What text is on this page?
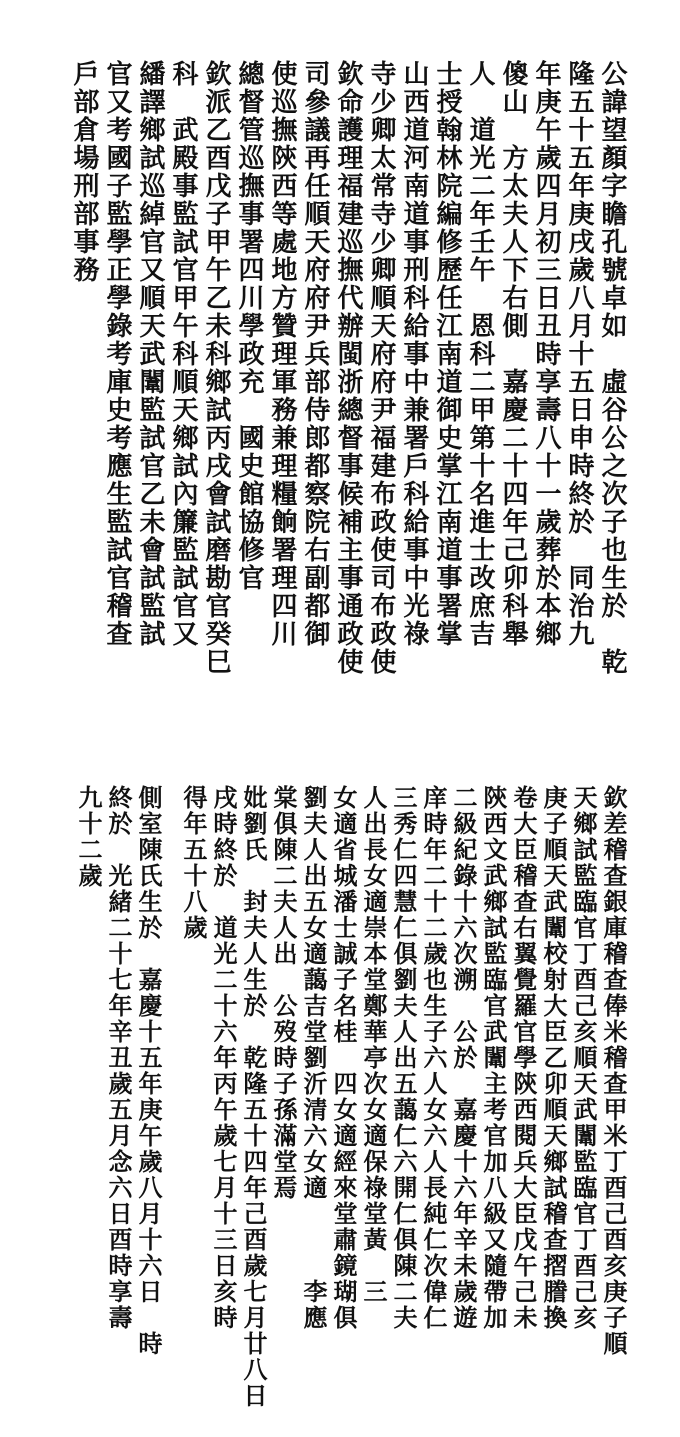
公諱望顏字瞻孔號卓如　虛谷公之次子也生於　乾
隆五十五年庚戌歲八月十五日申時終於　同治九
年庚午歲四月初三日丑時享壽八十一歲葬於本鄉
傻山　方太夫人下右側　嘉慶二十四年己卯科舉
人　道光二年壬午　恩科二甲第十名進士改庶吉
士授翰林院編修歷任江南道御史掌江南道事署掌
山西道河南道事刑科給事中兼署戶科給事中光祿
寺少卿太常寺少卿順天府府尹福建布政使司布政使
欽命護理福建巡撫代辦閩浙總督事候補主事通政使
司參議再任順天府府尹兵部侍郎都察院右副都御
使巡撫陝西等處地方贊理軍務兼理糧餉署理四川
總督管巡撫事署四川學政充　國史館協修官
欽派乙酉戊子甲午乙未科鄉試丙戌會試磨勘官癸巳
科　武殿事監試官甲午科順天鄉試內簾監試官又
繙譯鄉試巡綽官又順天武闈監試官乙未會試監試
官又考國子監學正學錄考庫史考應生監試官稽查
戶部倉場刑部事務
欽差稽查銀庫稽查俸米稽查甲米丁酉己酉亥庚子順
天鄉試監臨官丁酉己亥順天武闈監臨官丁酉己亥
庚子順天武闈校射大臣乙卯順天鄉試稽查摺謄換
卷大臣稽查右翼覺羅官學陝西閱兵大臣戊午己未
陝西文武鄉試監臨官武闈主考官加八級又隨帶加
二級紀錄十六次溯　公於　嘉慶十六年辛未歲遊
庠時年二十二歲也生子六人女六人長純仁次偉仁
三秀仁四慧仁俱劉夫人出五藹仁六開仁俱陳二夫
人出長女適崇本堂鄭華亭次女適保祿堂黃　三
女適省城潘士誠子名桂　四女適經來堂肅鏡瑚俱
劉夫人出五女適藹吉堂劉沂清六女適　　　李應
棠俱陳二夫人出　公歿時子孫滿堂焉
妣劉氏　封夫人生於　乾隆五十四年己酉歲七月廿八日
戌時終於　道光二十六年丙午歲七月十三日亥時
得年五十八歲
側室陳氏生於　嘉慶十五年庚午歲八月十六日　時
終於　光緒二十七年辛丑歲五月念六日酉時享壽
九十二歲
